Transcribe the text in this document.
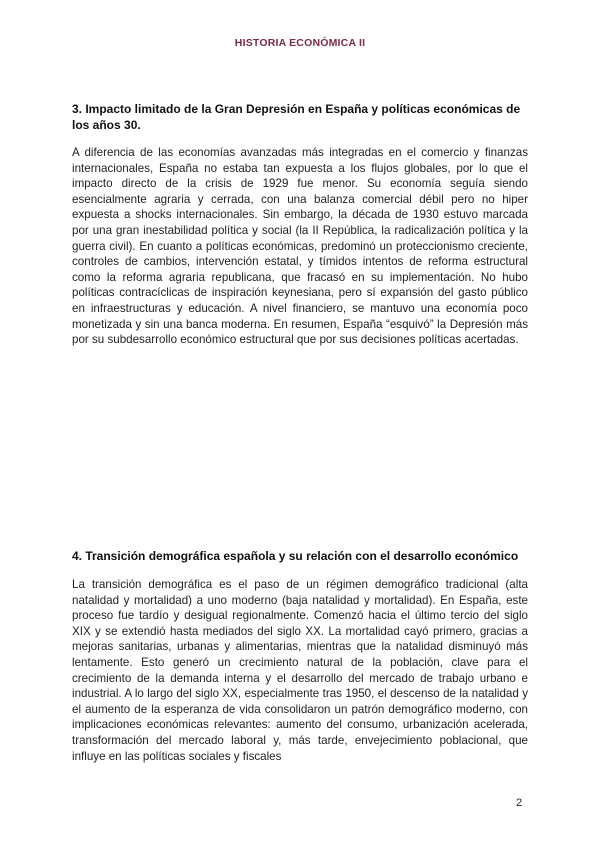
HISTORIA ECONÓMICA II
3. Impacto limitado de la Gran Depresión en España y políticas económicas de los años 30.

A diferencia de las economías avanzadas más integradas en el comercio y finanzas internacionales, España no estaba tan expuesta a los flujos globales, por lo que el impacto directo de la crisis de 1929 fue menor. Su economía seguía siendo esencialmente agraria y cerrada, con una balanza comercial débil pero no hiper expuesta a shocks internacionales. Sin embargo, la década de 1930 estuvo marcada por una gran inestabilidad política y social (la II República, la radicalización política y la guerra civil). En cuanto a políticas económicas, predominó un proteccionismo creciente, controles de cambios, intervención estatal, y tímidos intentos de reforma estructural como la reforma agraria republicana, que fracasó en su implementación. No hubo políticas contracíclicas de inspiración keynesiana, pero sí expansión del gasto público en infraestructuras y educación. A nivel financiero, se mantuvo una economía poco monetizada y sin una banca moderna. En resumen, España “esquivó” la Depresión más por su subdesarrollo económico estructural que por sus decisiones políticas acertadas.

4. Transición demográfica española y su relación con el desarrollo económico

La transición demográfica es el paso de un régimen demográfico tradicional (alta natalidad y mortalidad) a uno moderno (baja natalidad y mortalidad). En España, este proceso fue tardío y desigual regionalmente. Comenzó hacia el último tercio del siglo XIX y se extendió hasta mediados del siglo XX. La mortalidad cayó primero, gracias a mejoras sanitarias, urbanas y alimentarias, mientras que la natalidad disminuyó más lentamente. Esto generó un crecimiento natural de la población, clave para el crecimiento de la demanda interna y el desarrollo del mercado de trabajo urbano e industrial. A lo largo del siglo XX, especialmente tras 1950, el descenso de la natalidad y el aumento de la esperanza de vida consolidaron un patrón demográfico moderno, con implicaciones económicas relevantes: aumento del consumo, urbanización acelerada, transformación del mercado laboral y, más tarde, envejecimiento poblacional, que influye en las políticas sociales y fiscales

2
